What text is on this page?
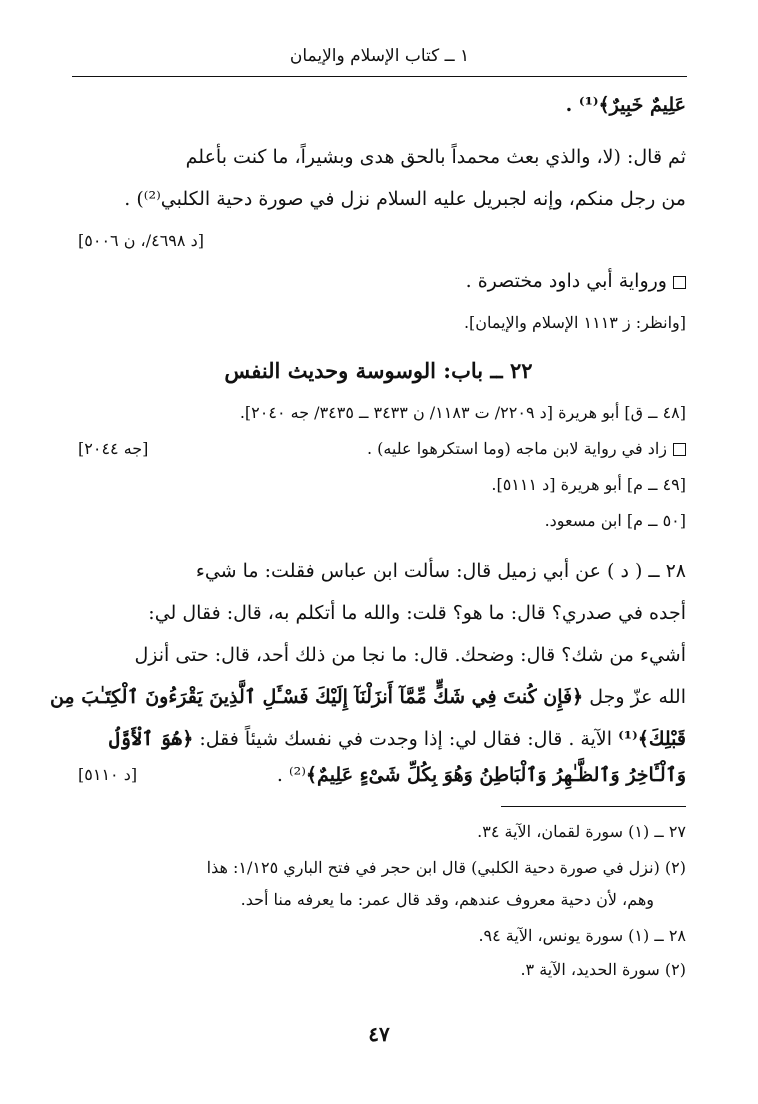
١ ــ كتاب الإسلام والإيمان
عَلِيمٌ خَبِيرٌ﴾⁽¹⁾ .
ثم قال: (لا، والذي بعث محمداً بالحق هدى وبشيراً، ما كنت بأعلم
من رجل منكم، وإنه لجبريل عليه السلام نزل في صورة دحية الكلبي⁽²⁾) .
[د ٤٦٩٨/، ن ٥٠٠٦]
ورواية أبي داود مختصرة .
[وانظر: ز ١١١٣ الإسلام والإيمان].
٢٢ ــ باب: الوسوسة وحديث النفس
[٤٨ ــ ق] أبو هريرة [د ٢٢٠٩/ ت ١١٨٣/ ن ٣٤٣٣ ــ ٣٤٣٥/ جه ٢٠٤٠].
زاد في رواية لابن ماجه (وما استكرهوا عليه) .
[جه ٢٠٤٤]
[٤٩ ــ م] أبو هريرة [د ٥١١١].
[٥٠ ــ م] ابن مسعود.
٢٨ ــ ( د ) عن أبي زميل قال: سألت ابن عباس فقلت: ما شيء
أجده في صدري؟ قال: ما هو؟ قلت: والله ما أتكلم به، قال: فقال لي:
أشيء من شك؟ قال: وضحك. قال: ما نجا من ذلك أحد، قال: حتى أنزل
الله عزّ وجل ﴿فَإِن كُنتَ فِي شَكٍّ مِّمَّآ أَنزَلْنَآ إِلَيْكَ فَسْـَٔلِ ٱلَّذِينَ يَقْرَءُونَ ٱلْكِتَـٰبَ مِن
قَبْلِكَ﴾⁽¹⁾ الآية . قال: فقال لي: إذا وجدت في نفسك شيئاً فقل: ﴿هُوَ ٱلْأَوَّلُ
وَٱلْـَٔاخِرُ وَٱلظَّـٰهِرُ وَٱلْبَاطِنُ وَهُوَ بِكُلِّ شَىْءٍ عَلِيمٌ﴾⁽²⁾ .
[د ٥١١٠]
٢٧ ــ (١) سورة لقمان، الآية ٣٤.
(٢) (نزل في صورة دحية الكلبي) قال ابن حجر في فتح الباري ١/١٢٥: هذا
وهم، لأن دحية معروف عندهم، وقد قال عمر: ما يعرفه منا أحد.
٢٨ ــ (١) سورة يونس، الآية ٩٤.
(٢) سورة الحديد، الآية ٣.
٤٧
